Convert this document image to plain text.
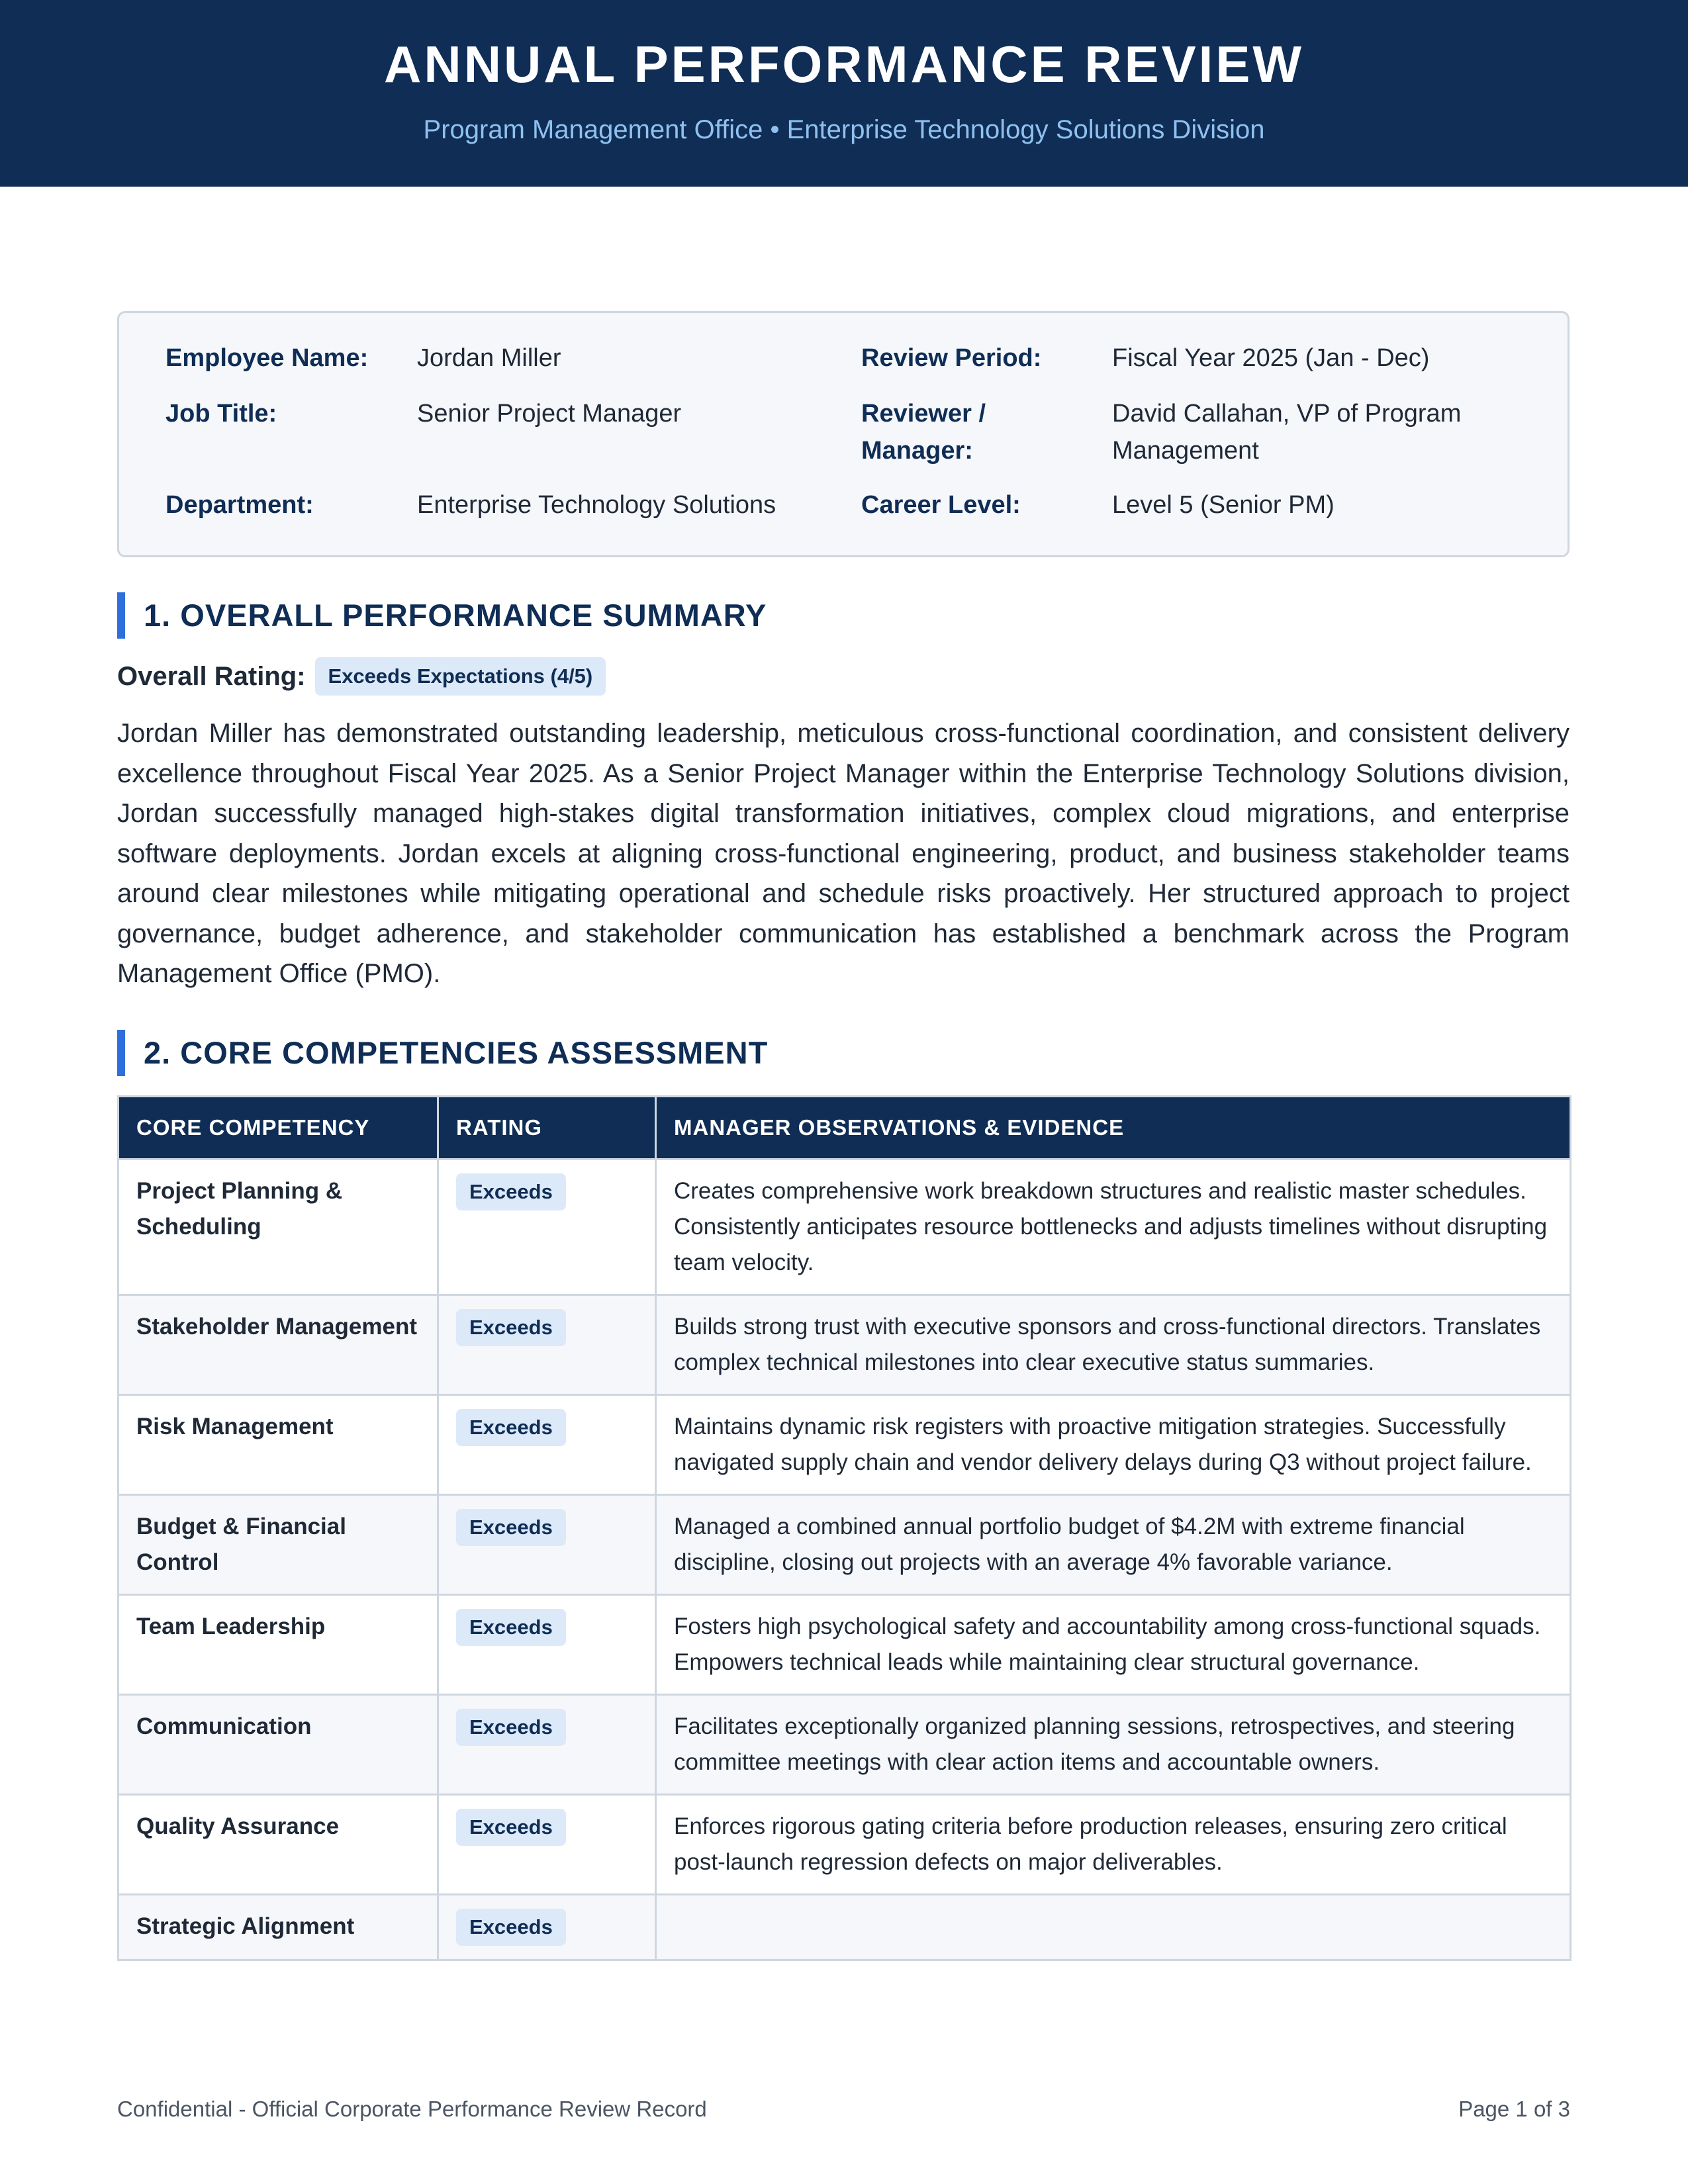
ANNUAL PERFORMANCE REVIEW
Program Management Office • Enterprise Technology Solutions Division
Employee Name: Jordan Miller
Job Title:	Senior Project Manager
Department:	Enterprise Technology Solutions
Review Period:	Fiscal Year 2025 (Jan - Dec)
Reviewer /
Manager:
David Callahan, VP of Program
Management
Career Level:	Level 5 (Senior PM)
1. OVERALL PERFORMANCE SUMMARY
Overall Rating:	Exceeds Expectations (4/5)

Jordan Miller has demonstrated outstanding leadership, meticulous cross-functional coordination, and consistent delivery excellence throughout Fiscal Year 2025. As a Senior Project Manager within the Enterprise Technology Solutions division, Jordan successfully managed high-stakes digital transformation initiatives, complex cloud migrations, and enterprise software deployments. Jordan excels at aligning cross-functional engineering, product, and business stakeholder teams around clear milestones while mitigating operational and schedule risks proactively. Her structured approach to project governance, budget adherence, and stakeholder communication has established a benchmark across the Program Management Office (PMO).

2. CORE COMPETENCIES ASSESSMENT
CORE COMPETENCY	RATING	MANAGER OBSERVATIONS & EVIDENCE
Project Planning & Scheduling	Exceeds	Creates comprehensive work breakdown structures and realistic master schedules. Consistently anticipates resource bottlenecks and adjusts timelines without disrupting team velocity.
Stakeholder Management	Exceeds	Builds strong trust with executive sponsors and cross-functional directors. Translates complex technical milestones into clear executive status summaries.
Risk Management	Exceeds	Maintains dynamic risk registers with proactive mitigation strategies. Successfully navigated supply chain and vendor delivery delays during Q3 without project failure.
Budget & Financial Control	Exceeds	Managed a combined annual portfolio budget of $4.2M with extreme financial discipline, closing out projects with an average 4% favorable variance.
Team Leadership	Exceeds	Fosters high psychological safety and accountability among cross-functional squads. Empowers technical leads while maintaining clear structural governance.
Communication	Exceeds	Facilitates exceptionally organized planning sessions, retrospectives, and steering committee meetings with clear action items and accountable owners.
Quality Assurance	Exceeds	Enforces rigorous gating criteria before production releases, ensuring zero critical post-launch regression defects on major deliverables.
Strategic Alignment	Exceeds	
Confidential - Official Corporate Performance Review Record	Page 1 of 3
